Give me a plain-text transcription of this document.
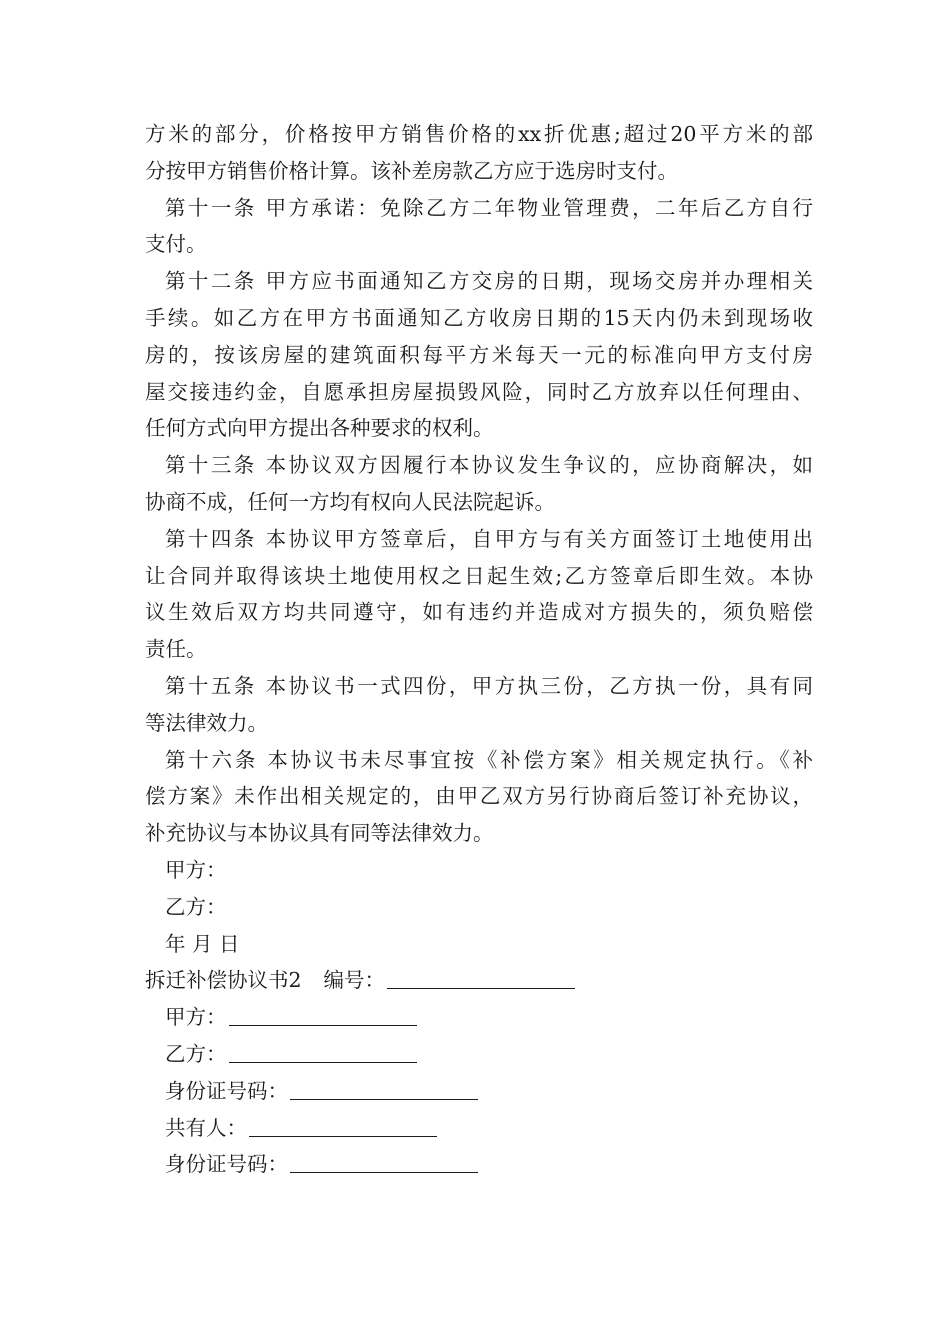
方米的部分，价格按甲方销售价格的xx折优惠;超过20平方米的部
分按甲方销售价格计算。该补差房款乙方应于选房时支付。
第十一条 甲方承诺：免除乙方二年物业管理费，二年后乙方自行
支付。
第十二条 甲方应书面通知乙方交房的日期，现场交房并办理相关
手续。如乙方在甲方书面通知乙方收房日期的15天内仍未到现场收
房的，按该房屋的建筑面积每平方米每天一元的标准向甲方支付房
屋交接违约金，自愿承担房屋损毁风险，同时乙方放弃以任何理由、
任何方式向甲方提出各种要求的权利。
第十三条 本协议双方因履行本协议发生争议的，应协商解决，如
协商不成，任何一方均有权向人民法院起诉。
第十四条 本协议甲方签章后，自甲方与有关方面签订土地使用出
让合同并取得该块土地使用权之日起生效;乙方签章后即生效。本协
议生效后双方均共同遵守，如有违约并造成对方损失的，须负赔偿
责任。
第十五条 本协议书一式四份，甲方执三份，乙方执一份，具有同
等法律效力。
第十六条 本协议书未尽事宜按《补偿方案》相关规定执行。《补
偿方案》未作出相关规定的，由甲乙双方另行协商后签订补充协议，
补充协议与本协议具有同等法律效力。
甲方：
乙方：
年 月 日
拆迁补偿协议书2 编号：
甲方：
乙方：
身份证号码：
共有人：
身份证号码：
